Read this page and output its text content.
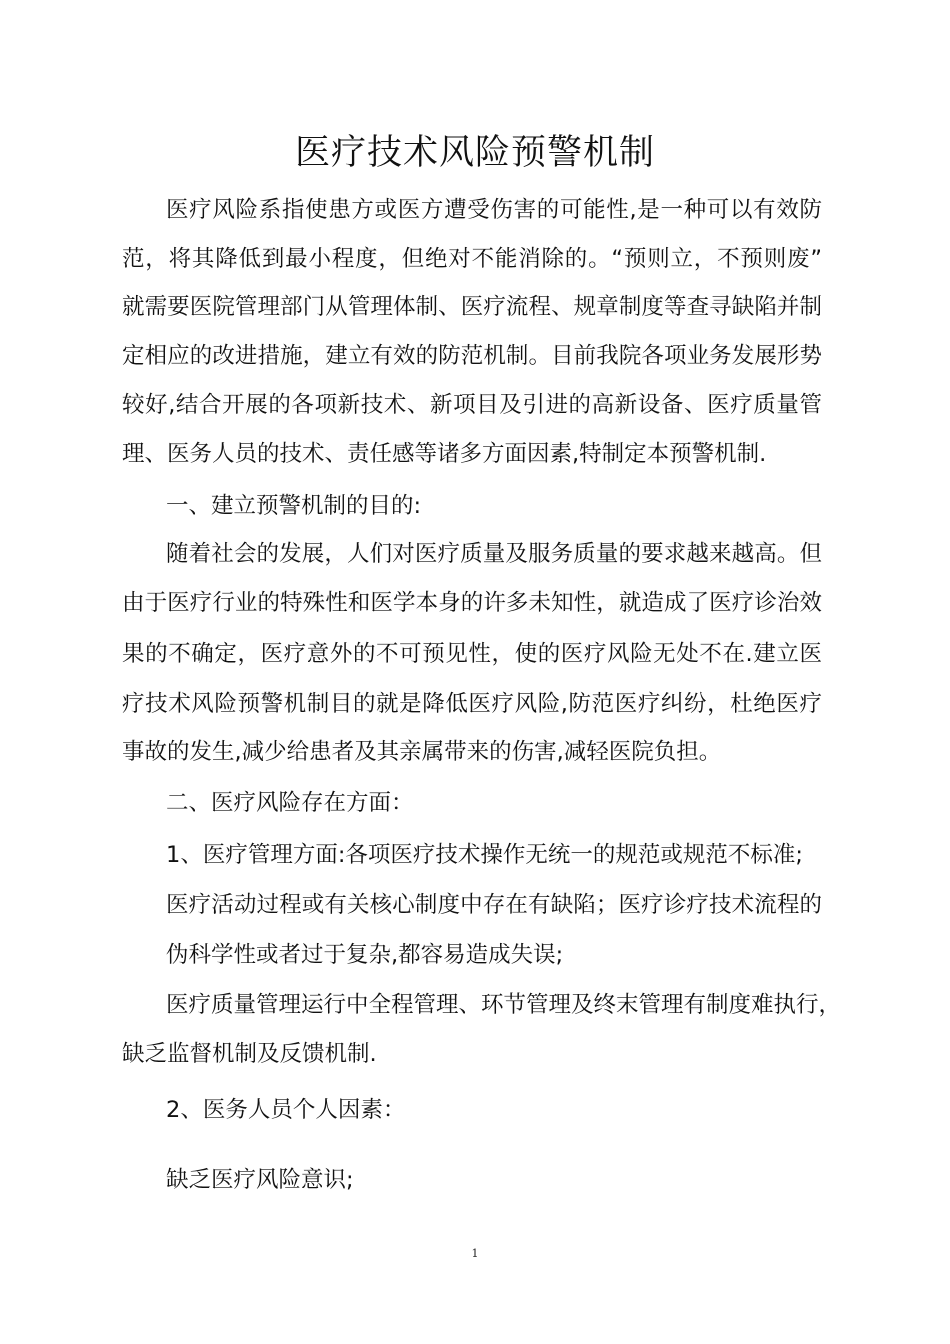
医疗技术风险预警机制

医疗风险系指使患方或医方遭受伤害的可能性,是一种可以有效防

范，将其降低到最小程度，但绝对不能消除的。“预则立，不预则废”

就需要医院管理部门从管理体制、医疗流程、规章制度等查寻缺陷并制

定相应的改进措施，建立有效的防范机制。目前我院各项业务发展形势

较好,结合开展的各项新技术、新项目及引进的高新设备、医疗质量管

理、医务人员的技术、责任感等诸多方面因素,特制定本预警机制.

一、建立预警机制的目的:

随着社会的发展，人们对医疗质量及服务质量的要求越来越高。但

由于医疗行业的特殊性和医学本身的许多未知性，就造成了医疗诊治效

果的不确定，医疗意外的不可预见性，使的医疗风险无处不在.建立医

疗技术风险预警机制目的就是降低医疗风险,防范医疗纠纷，杜绝医疗

事故的发生,减少给患者及其亲属带来的伤害,减轻医院负担。

二、医疗风险存在方面：

1、医疗管理方面:各项医疗技术操作无统一的规范或规范不标准;

医疗活动过程或有关核心制度中存在有缺陷；医疗诊疗技术流程的

伪科学性或者过于复杂,都容易造成失误;

医疗质量管理运行中全程管理、环节管理及终末管理有制度难执行，

缺乏监督机制及反馈机制.

2、医务人员个人因素：

缺乏医疗风险意识;

1
